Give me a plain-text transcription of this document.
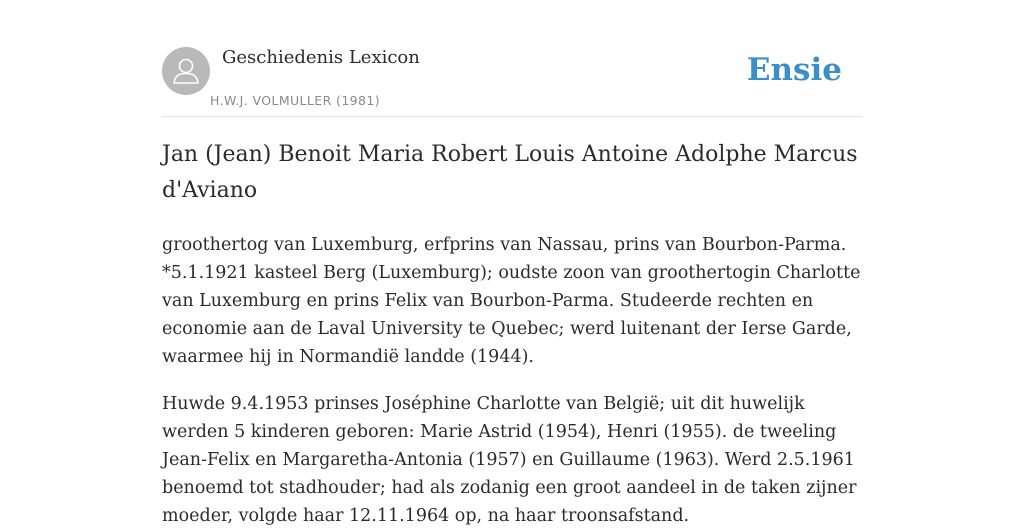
Geschiedenis Lexicon
H.W.J. VOLMULLER (1981)
Ensie
Jan (Jean) Benoit Maria Robert Louis Antoine Adolphe Marcus d'Aviano

groothertog van Luxemburg, erfprins van Nassau, prins van Bourbon-Parma. *5.1.1921 kasteel Berg (Luxemburg); oudste zoon van groothertogin Charlotte van Luxemburg en prins Felix van Bourbon-Parma. Studeerde rechten en economie aan de Laval University te Quebec; werd luitenant der Ierse Garde, waarmee hij in Normandië landde (1944).

Huwde 9.4.1953 prinses Joséphine Charlotte van België; uit dit huwelijk werden 5 kinderen geboren: Marie Astrid (1954), Henri (1955). de tweeling Jean-Felix en Margaretha-Antonia (1957) en Guillaume (1963). Werd 2.5.1961 benoemd tot stadhouder; had als zodanig een groot aandeel in de taken zijner moeder, volgde haar 12.11.1964 op, na haar troonsafstand.
